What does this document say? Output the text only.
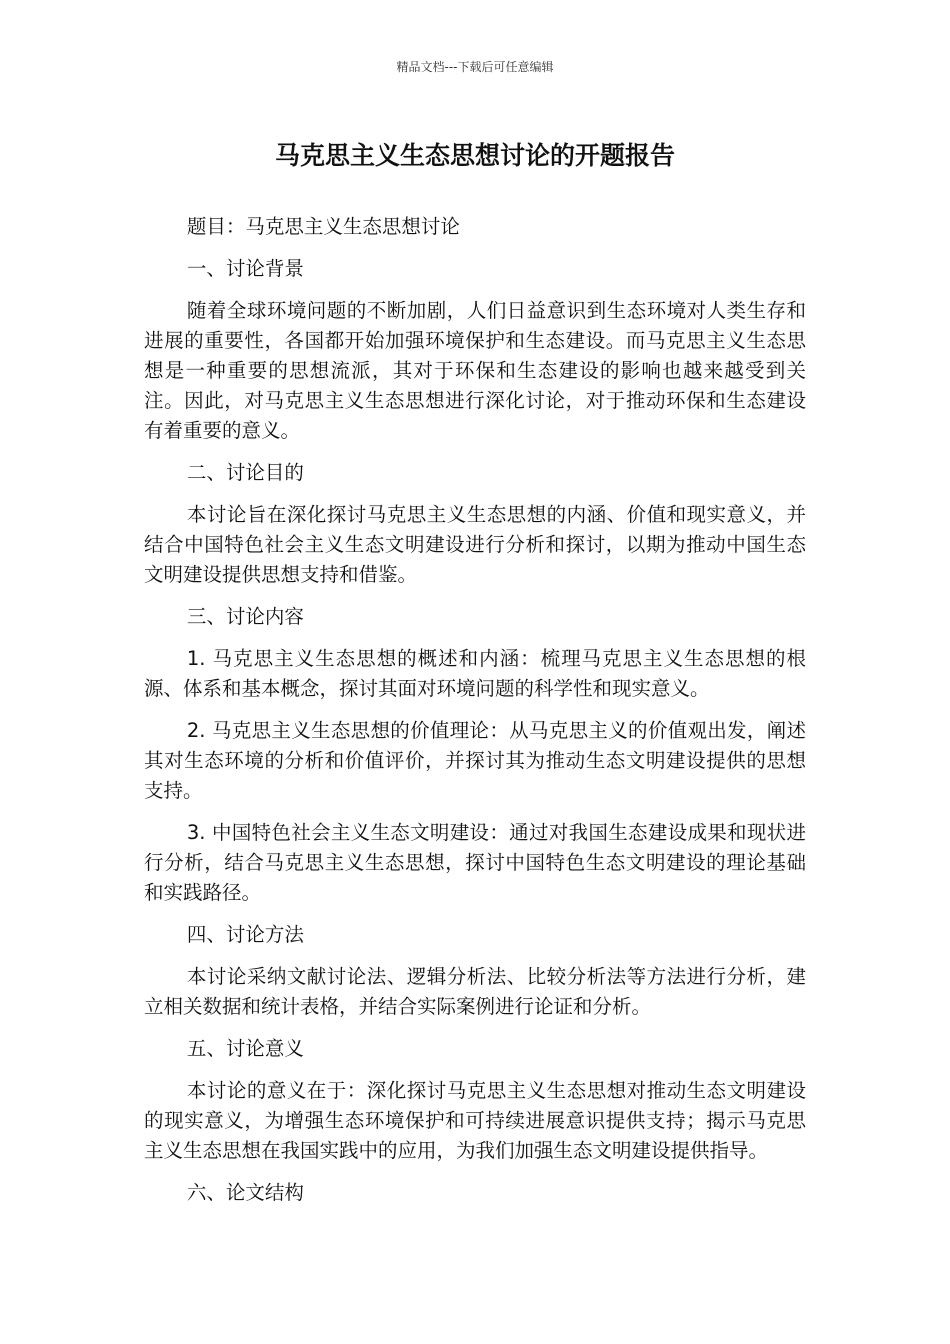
精品文档---下载后可任意编辑
马克思主义生态思想讨论的开题报告

题目：马克思主义生态思想讨论

一、讨论背景

随着全球环境问题的不断加剧，人们日益意识到生态环境对人类生存和进展的重要性，各国都开始加强环境保护和生态建设。而马克思主义生态思想是一种重要的思想流派，其对于环保和生态建设的影响也越来越受到关注。因此，对马克思主义生态思想进行深化讨论，对于推动环保和生态建设有着重要的意义。

二、讨论目的

本讨论旨在深化探讨马克思主义生态思想的内涵、价值和现实意义，并结合中国特色社会主义生态文明建设进行分析和探讨，以期为推动中国生态文明建设提供思想支持和借鉴。

三、讨论内容

1. 马克思主义生态思想的概述和内涵：梳理马克思主义生态思想的根源、体系和基本概念，探讨其面对环境问题的科学性和现实意义。

2. 马克思主义生态思想的价值理论：从马克思主义的价值观出发，阐述其对生态环境的分析和价值评价，并探讨其为推动生态文明建设提供的思想支持。

3. 中国特色社会主义生态文明建设：通过对我国生态建设成果和现状进行分析，结合马克思主义生态思想，探讨中国特色生态文明建设的理论基础和实践路径。

四、讨论方法

本讨论采纳文献讨论法、逻辑分析法、比较分析法等方法进行分析，建立相关数据和统计表格，并结合实际案例进行论证和分析。

五、讨论意义

本讨论的意义在于：深化探讨马克思主义生态思想对推动生态文明建设的现实意义，为增强生态环境保护和可持续进展意识提供支持；揭示马克思主义生态思想在我国实践中的应用，为我们加强生态文明建设提供指导。

六、论文结构
